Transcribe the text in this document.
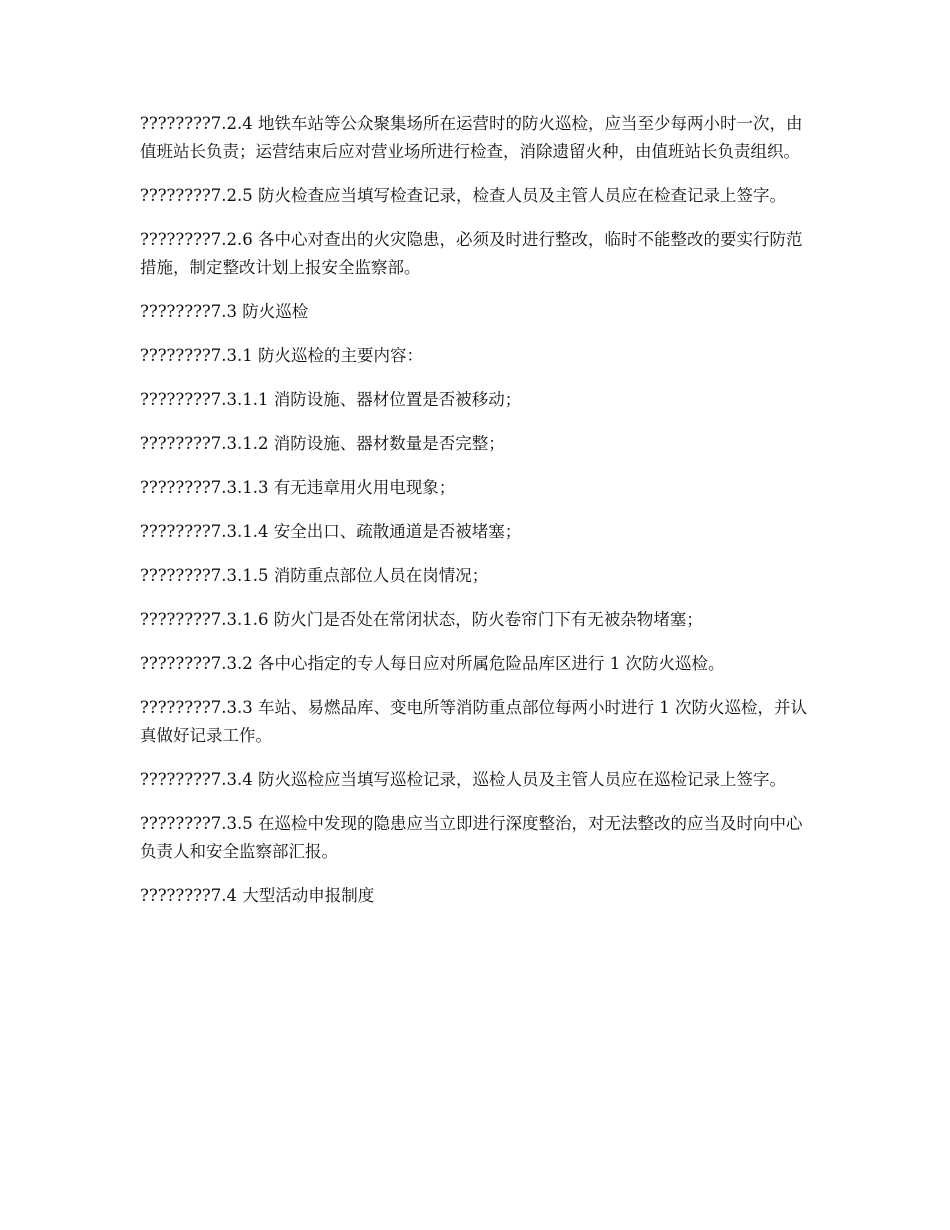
????????7.2.4 地铁车站等公众聚集场所在运营时的防火巡检，应当至少每两小时一次，由值班站长负责；运营结束后应对营业场所进行检查，消除遗留火种，由值班站长负责组织。

????????7.2.5 防火检查应当填写检查记录，检查人员及主管人员应在检查记录上签字。

????????7.2.6 各中心对查出的火灾隐患，必须及时进行整改，临时不能整改的要实行防范措施，制定整改计划上报安全监察部。

????????7.3 防火巡检

????????7.3.1 防火巡检的主要内容：

????????7.3.1.1 消防设施、器材位置是否被移动；

????????7.3.1.2 消防设施、器材数量是否完整；

????????7.3.1.3 有无违章用火用电现象；

????????7.3.1.4 安全出口、疏散通道是否被堵塞；

????????7.3.1.5 消防重点部位人员在岗情况；

????????7.3.1.6 防火门是否处在常闭状态，防火卷帘门下有无被杂物堵塞；

????????7.3.2 各中心指定的专人每日应对所属危险品库区进行 1 次防火巡检。

????????7.3.3 车站、易燃品库、变电所等消防重点部位每两小时进行 1 次防火巡检，并认真做好记录工作。

????????7.3.4 防火巡检应当填写巡检记录，巡检人员及主管人员应在巡检记录上签字。

????????7.3.5 在巡检中发现的隐患应当立即进行深度整治，对无法整改的应当及时向中心负责人和安全监察部汇报。

????????7.4 大型活动申报制度
